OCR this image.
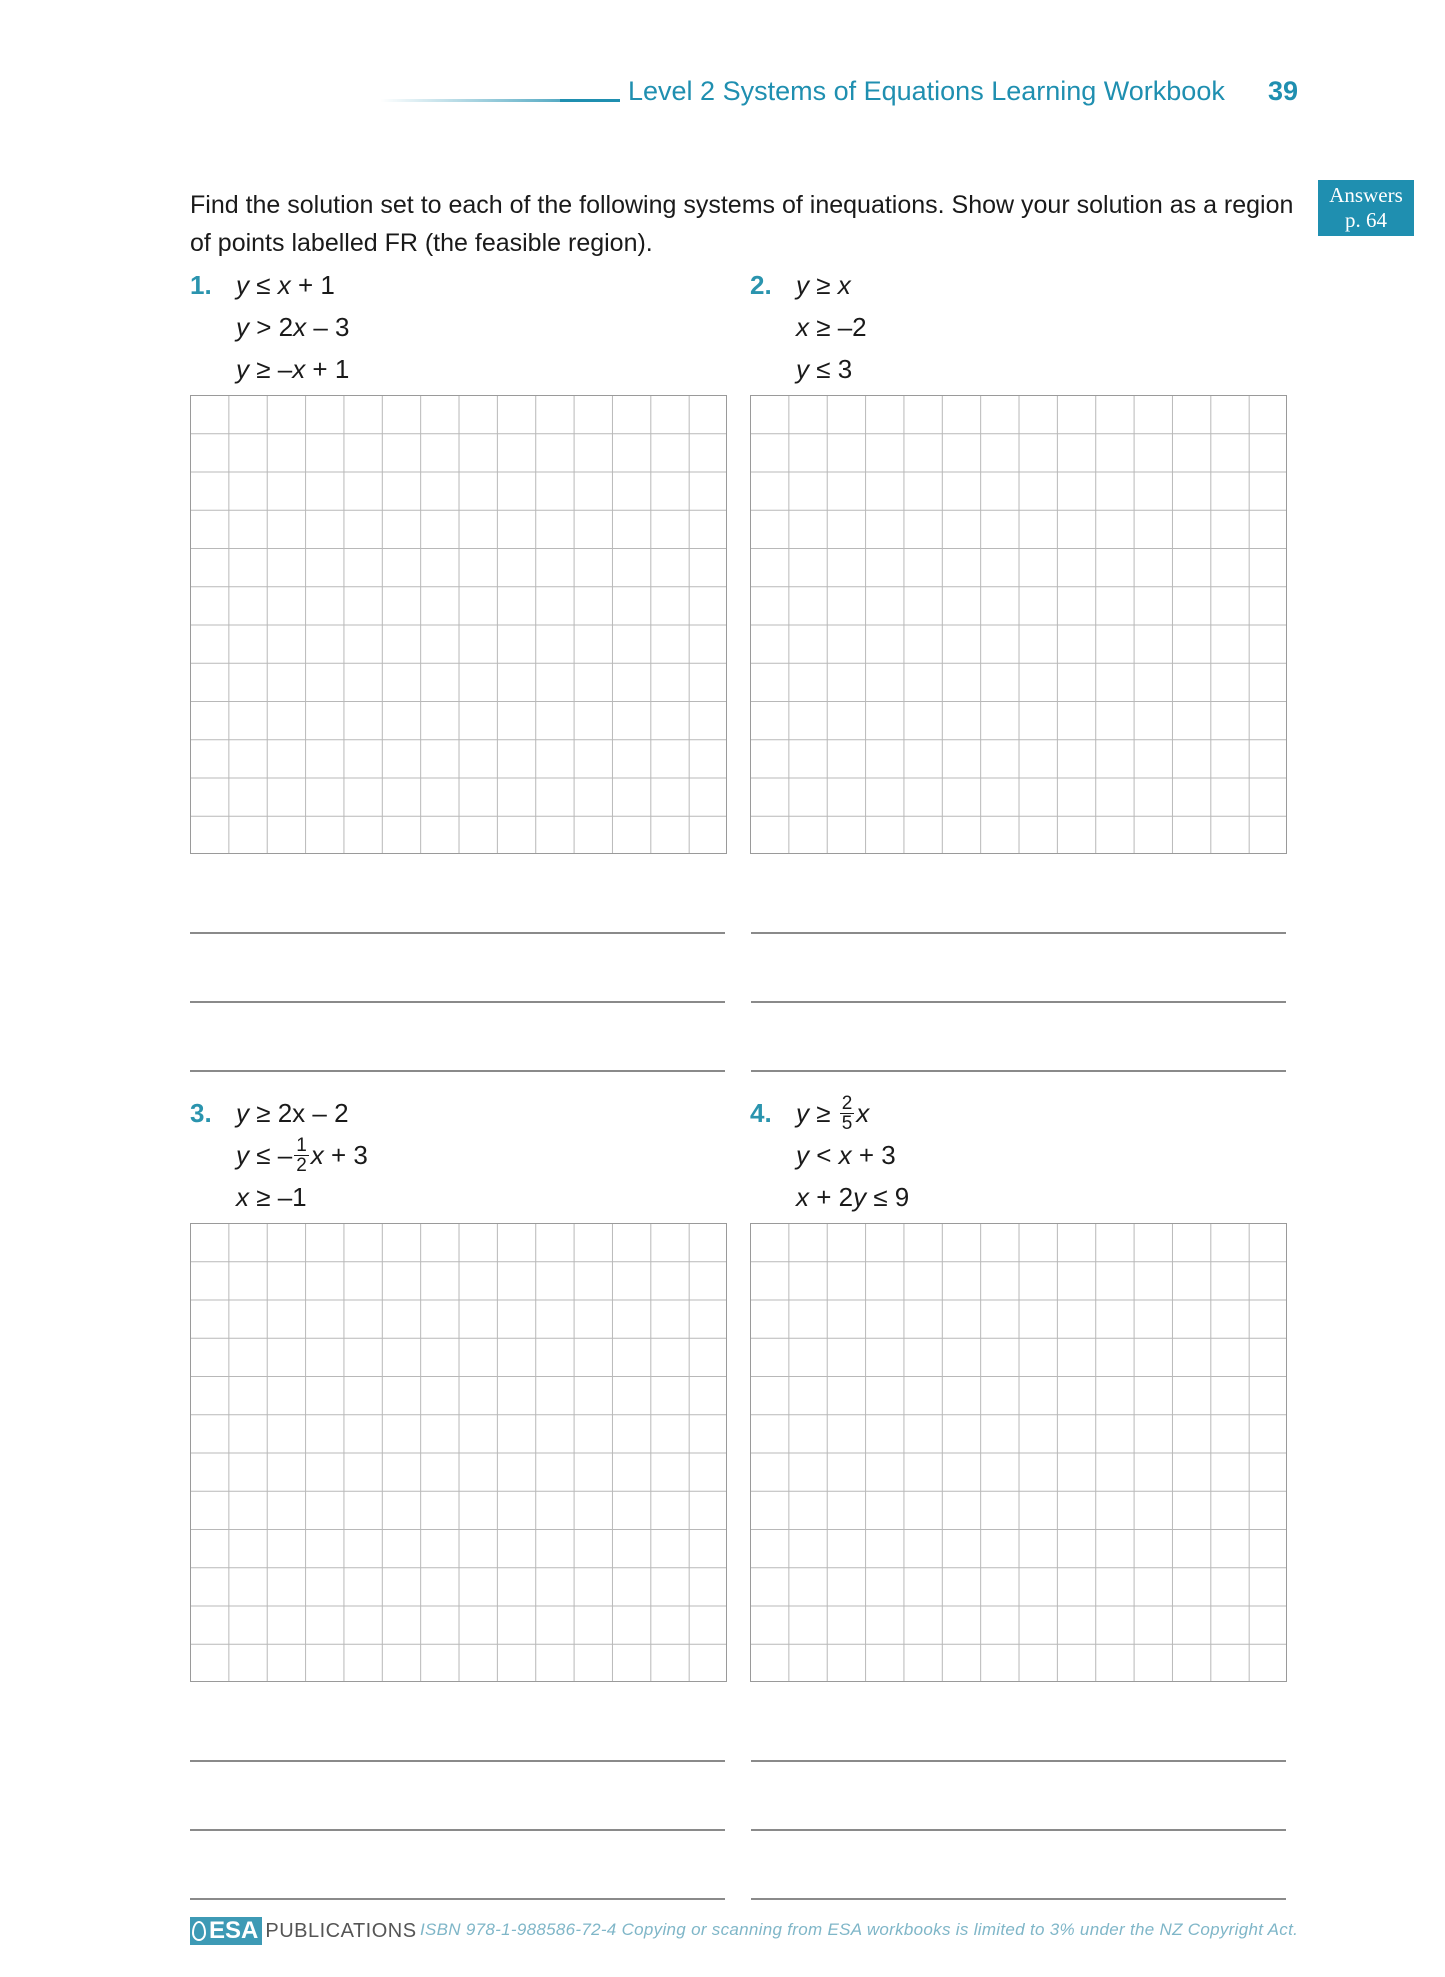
Level 2 Systems of Equations Learning Workbook 39
Answers
p. 64
Find the solution set to each of the following systems of inequations. Show your solution as a region of points labelled FR (the feasible region).
1. y ≤ x + 1
y > 2x – 3
y ≥ –x + 1
2. y ≥ x
x ≥ –2
y ≤ 3
3. y ≥ 2x – 2
y ≤ – $\frac{1}{2}$ x + 3
x ≥ –1
4. $y \ge \frac{2}{5}$ x
y < x + 3
x + 2y ≤ 9
ESA PUBLICATIONS ISBN 978-1-988586-72-4 Copying or scanning from ESA workbooks is limited to 3% under the NZ Copyright Act.
